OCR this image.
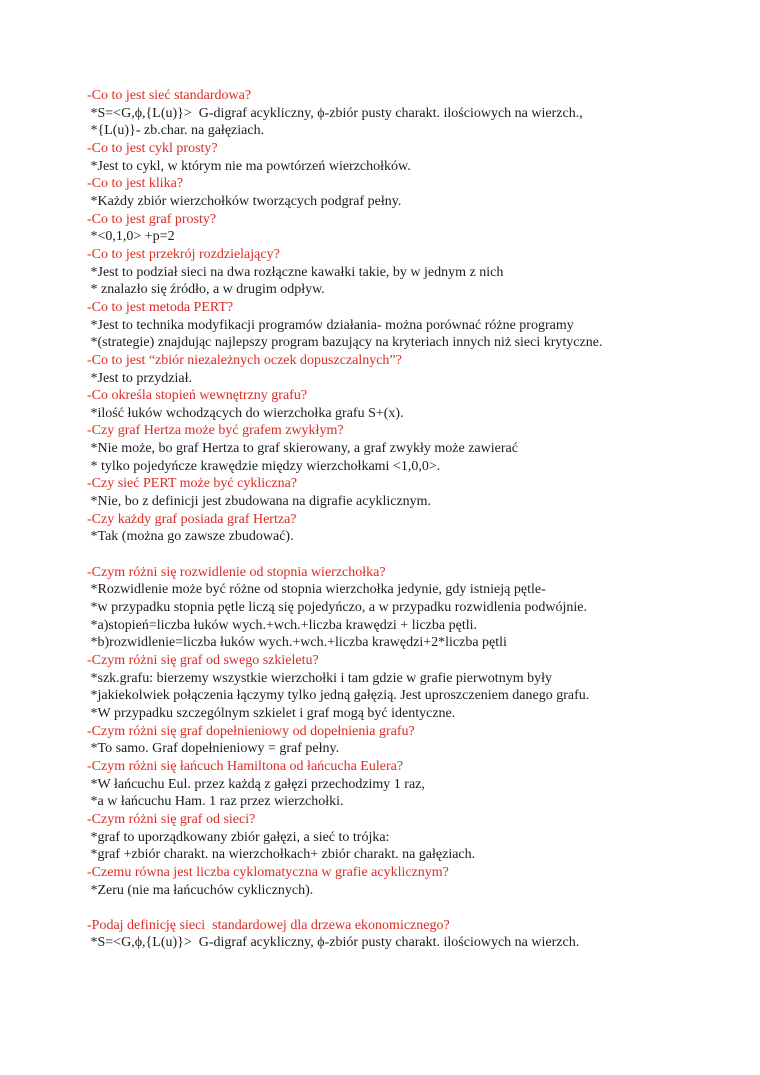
-Co to jest sieć standardowa?
*S=<G,ϕ,{L(u)}>  G-digraf acykliczny, ϕ-zbiór pusty charakt. ilościowych na wierzch.,
*{L(u)}- zb.char. na gałęziach.
-Co to jest cykl prosty?
*Jest to cykl, w którym nie ma powtórzeń wierzchołków.
-Co to jest klika?
*Każdy zbiór wierzchołków tworzących podgraf pełny.
-Co to jest graf prosty?
*<0,1,0> +p=2
-Co to jest przekrój rozdzielający?
*Jest to podział sieci na dwa rozłączne kawałki takie, by w jednym z nich
* znalazło się źródło, a w drugim odpływ.
-Co to jest metoda PERT?
*Jest to technika modyfikacji programów działania- można porównać różne programy
*(strategie) znajdując najlepszy program bazujący na kryteriach innych niż sieci krytyczne.
-Co to jest “zbiór niezależnych oczek dopuszczalnych”?
*Jest to przydział.
-Co określa stopień wewnętrzny grafu?
*ilość łuków wchodzących do wierzchołka grafu S+(x).
-Czy graf Hertza może być grafem zwykłym?
*Nie może, bo graf Hertza to graf skierowany, a graf zwykły może zawierać
* tylko pojedyńcze krawędzie między wierzchołkami <1,0,0>.
-Czy sieć PERT może być cykliczna?
*Nie, bo z definicji jest zbudowana na digrafie acyklicznym.
-Czy każdy graf posiada graf Hertza?
*Tak (można go zawsze zbudować).
-Czym różni się rozwidlenie od stopnia wierzchołka?
*Rozwidlenie może być różne od stopnia wierzchołka jedynie, gdy istnieją pętle-
*w przypadku stopnia pętle liczą się pojedyńczo, a w przypadku rozwidlenia podwójnie.
*a)stopień=liczba łuków wych.+wch.+liczba krawędzi + liczba pętli.
*b)rozwidlenie=liczba łuków wych.+wch.+liczba krawędzi+2*liczba pętli
-Czym różni się graf od swego szkieletu?
*szk.grafu: bierzemy wszystkie wierzchołki i tam gdzie w grafie pierwotnym były
*jakiekolwiek połączenia łączymy tylko jedną gałęzią. Jest uproszczeniem danego grafu.
*W przypadku szczególnym szkielet i graf mogą być identyczne.
-Czym różni się graf dopełnieniowy od dopełnienia grafu?
*To samo. Graf dopełnieniowy = graf pełny.
-Czym różni się łańcuch Hamiltona od łańcucha Eulera?
*W łańcuchu Eul. przez każdą z gałęzi przechodzimy 1 raz,
*a w łańcuchu Ham. 1 raz przez wierzchołki.
-Czym różni się graf od sieci?
*graf to uporządkowany zbiór gałęzi, a sieć to trójka:
*graf +zbiór charakt. na wierzchołkach+ zbiór charakt. na gałęziach.
-Czemu równa jest liczba cyklomatyczna w grafie acyklicznym?
*Zeru (nie ma łańcuchów cyklicznych).
-Podaj definicję sieci  standardowej dla drzewa ekonomicznego?
*S=<G,ϕ,{L(u)}>  G-digraf acykliczny, ϕ-zbiór pusty charakt. ilościowych na wierzch.
